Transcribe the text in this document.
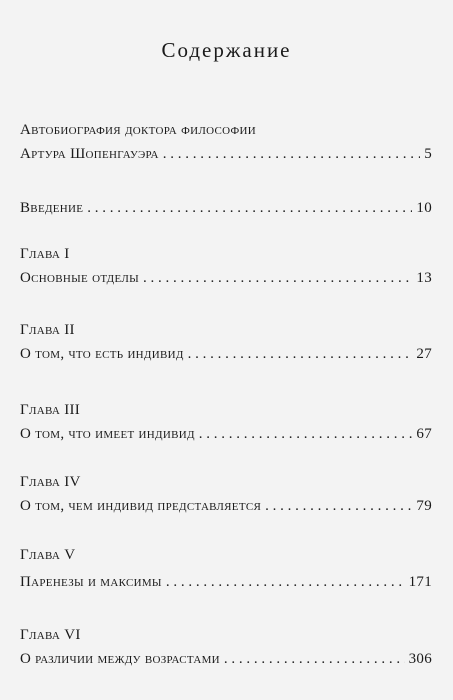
Содержание
Автобиография доктора философии
Артура Шопенгауэра . . .	5
Введение . . .	10
Глава I
Основные отделы . . .	13
Глава II
О том, что есть индивид . . .	27
Глава III
О том, что имеет индивид . . .	67
Глава IV
О том, чем индивид представляется . . .	79
Глава V
Паренезы и максимы . . .	171
Глава VI
О различии между возрастами . . .	306
